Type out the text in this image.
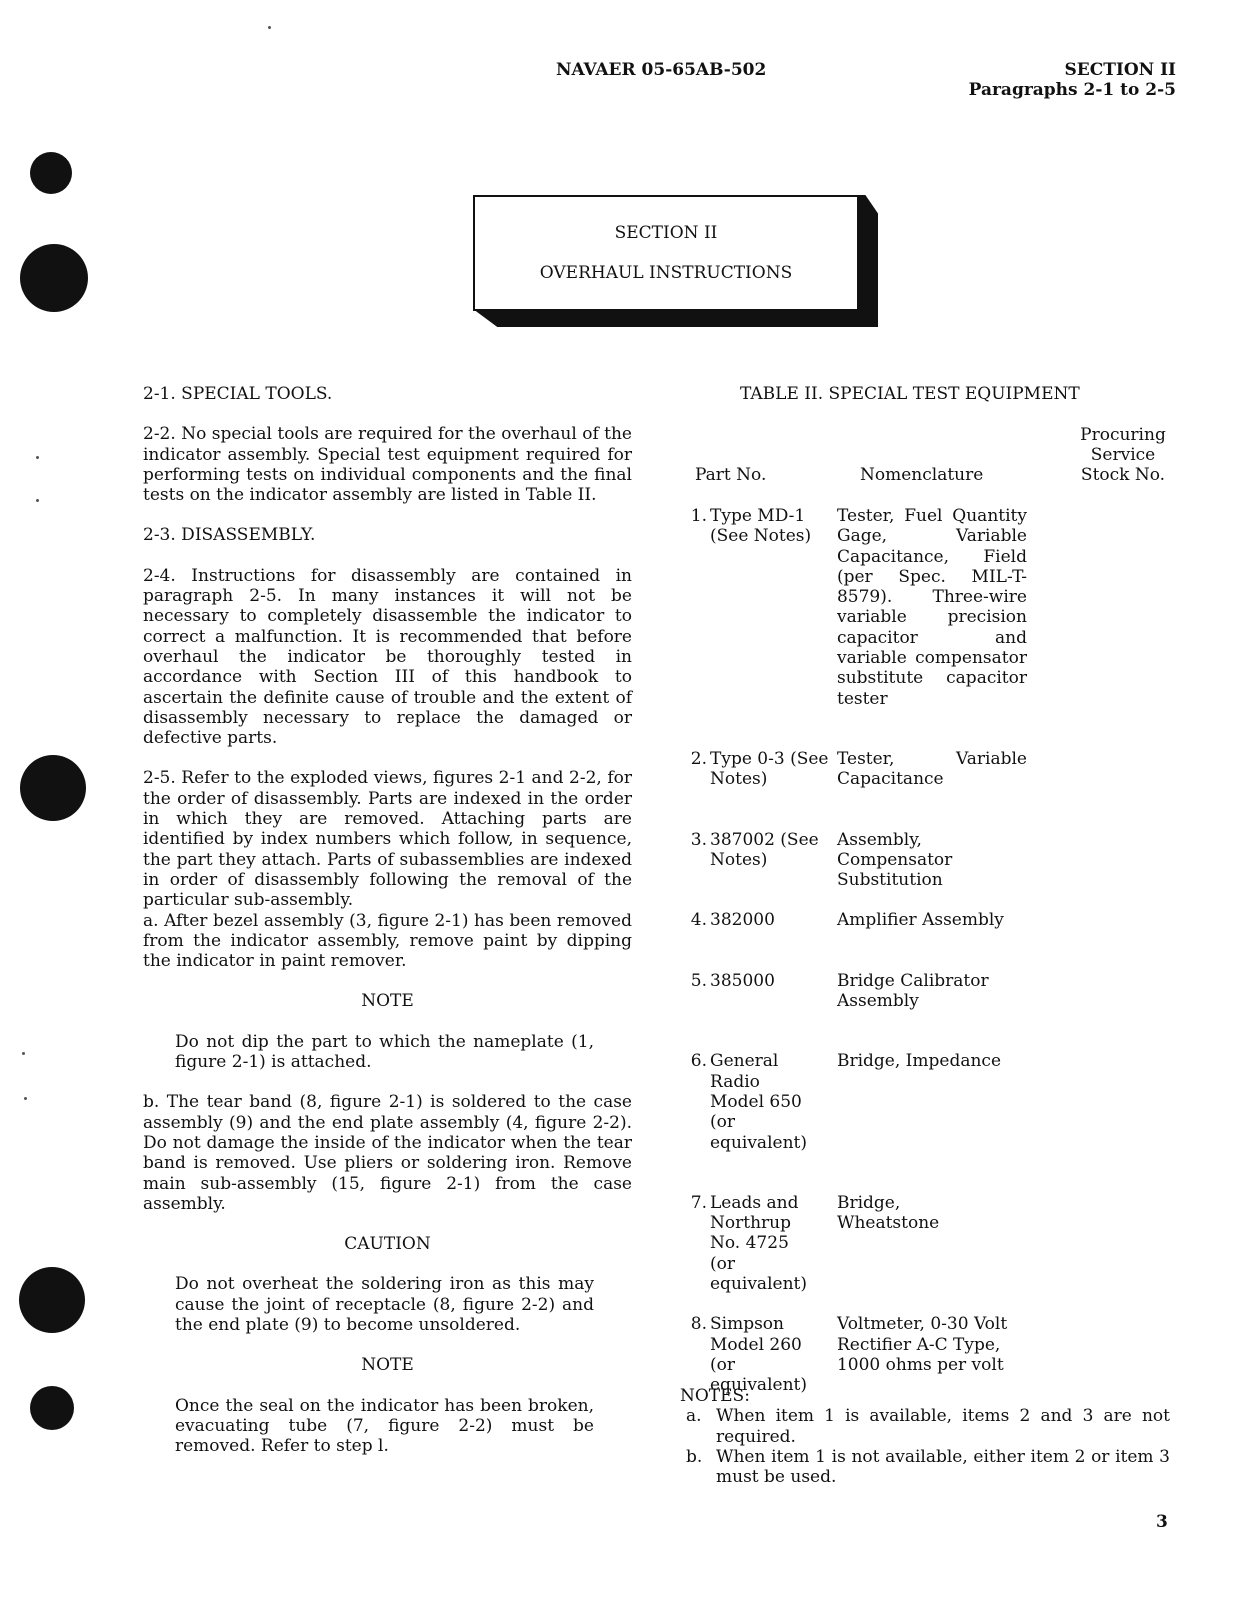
NAVAER 05-65AB-502	SECTION II
Paragraphs 2-1 to 2-5
SECTION II
OVERHAUL INSTRUCTIONS

2-1. SPECIAL TOOLS.

2-2. No special tools are required for the overhaul of the indicator assembly. Special test equipment required for performing tests on individual components and the final tests on the indicator assembly are listed in Table II.

2-3. DISASSEMBLY.

2-4. Instructions for disassembly are contained in paragraph 2-5. In many instances it will not be necessary to completely disassemble the indicator to correct a malfunction. It is recommended that before overhaul the indicator be thoroughly tested in accordance with Section III of this handbook to ascertain the definite cause of trouble and the extent of disassembly necessary to replace the damaged or defective parts.

2-5. Refer to the exploded views, figures 2-1 and 2-2, for the order of disassembly. Parts are indexed in the order in which they are removed. Attaching parts are identified by index numbers which follow, in sequence, the part they attach. Parts of subassemblies are indexed in order of disassembly following the removal of the particular sub-assembly.

a. After bezel assembly (3, figure 2-1) has been removed from the indicator assembly, remove paint by dipping the indicator in paint remover.

NOTE

Do not dip the part to which the nameplate (1, figure 2-1) is attached.

b. The tear band (8, figure 2-1) is soldered to the case assembly (9) and the end plate assembly (4, figure 2-2). Do not damage the inside of the indicator when the tear band is removed. Use pliers or soldering iron. Remove main sub-assembly (15, figure 2-1) from the case assembly.

CAUTION

Do not overheat the soldering iron as this may cause the joint of receptacle (8, figure 2-2) and the end plate (9) to become unsoldered.

NOTE

Once the seal on the indicator has been broken, evacuating tube (7, figure 2-2) must be removed. Refer to step l.

TABLE II. SPECIAL TEST EQUIPMENT
Procuring
Service
Stock No.
Part No.	Nomenclature
1.	Type MD-1 (See Notes)	Tester, Fuel Quantity Gage, Variable Capacitance, Field (per Spec. MIL-T-8579). Three-wire variable precision capacitor and variable compensator substitute capacitor tester
2.	Type 0-3 (See Notes)	Tester, Variable Capacitance
3.	387002 (See Notes)	Assembly, Compensator Substitution
4.	382000	Amplifier Assembly
5.	385000	Bridge Calibrator Assembly
6.	General Radio Model 650 (or equivalent)	Bridge, Impedance
7.	Leads and Northrup No. 4725 (or equivalent)	Bridge, Wheatstone
8.	Simpson Model 260 (or equivalent)	Voltmeter, 0-30 Volt Rectifier A-C Type, 1000 ohms per volt
NOTES:
a. When item 1 is available, items 2 and 3 are not required.
b. When item 1 is not available, either item 2 or item 3 must be used.
3
